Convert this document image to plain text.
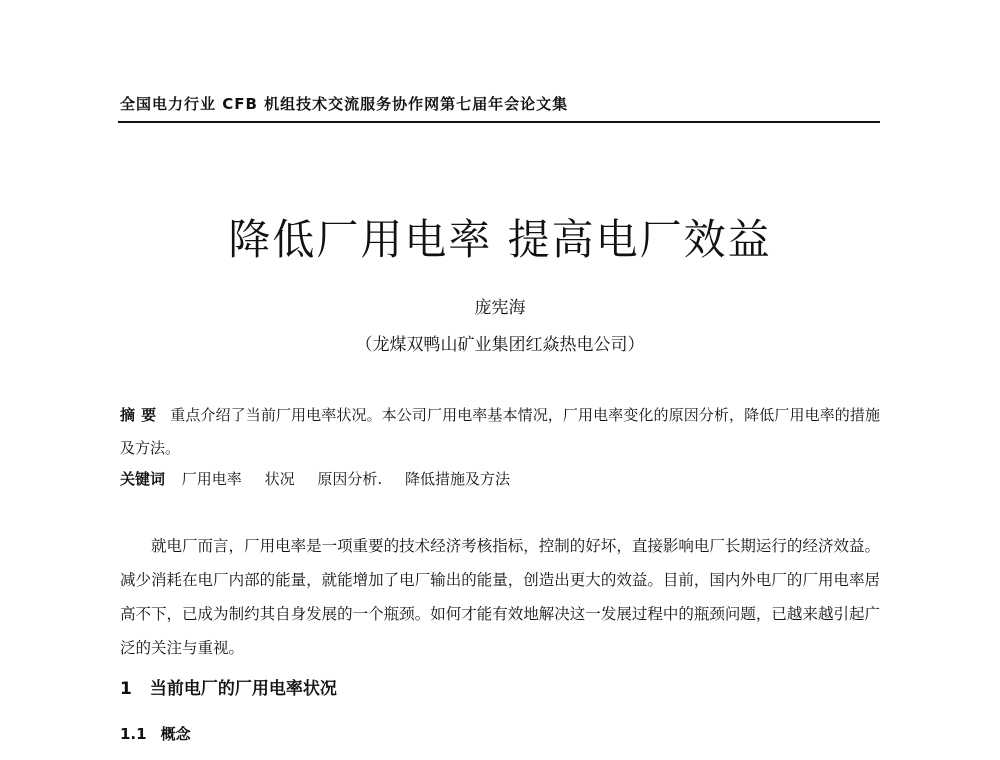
全国电力行业 CFB 机组技术交流服务协作网第七届年会论文集
降低厂用电率 提高电厂效益
庞宪海
（龙煤双鸭山矿业集团红焱热电公司）
摘要 重点介绍了当前厂用电率状况。本公司厂用电率基本情况，厂用电率变化的原因分析，降低厂用电率的措施及方法。
关键词 厂用电率 状况 原因分析. 降低措施及方法
就电厂而言，厂用电率是一项重要的技术经济考核指标，控制的好坏，直接影响电厂长期运行的经济效益。减少消耗在电厂内部的能量，就能增加了电厂输出的能量，创造出更大的效益。目前，国内外电厂的厂用电率居高不下，已成为制约其自身发展的一个瓶颈。如何才能有效地解决这一发展过程中的瓶颈问题，已越来越引起广泛的关注与重视。
1 当前电厂的厂用电率状况
1.1 概念
